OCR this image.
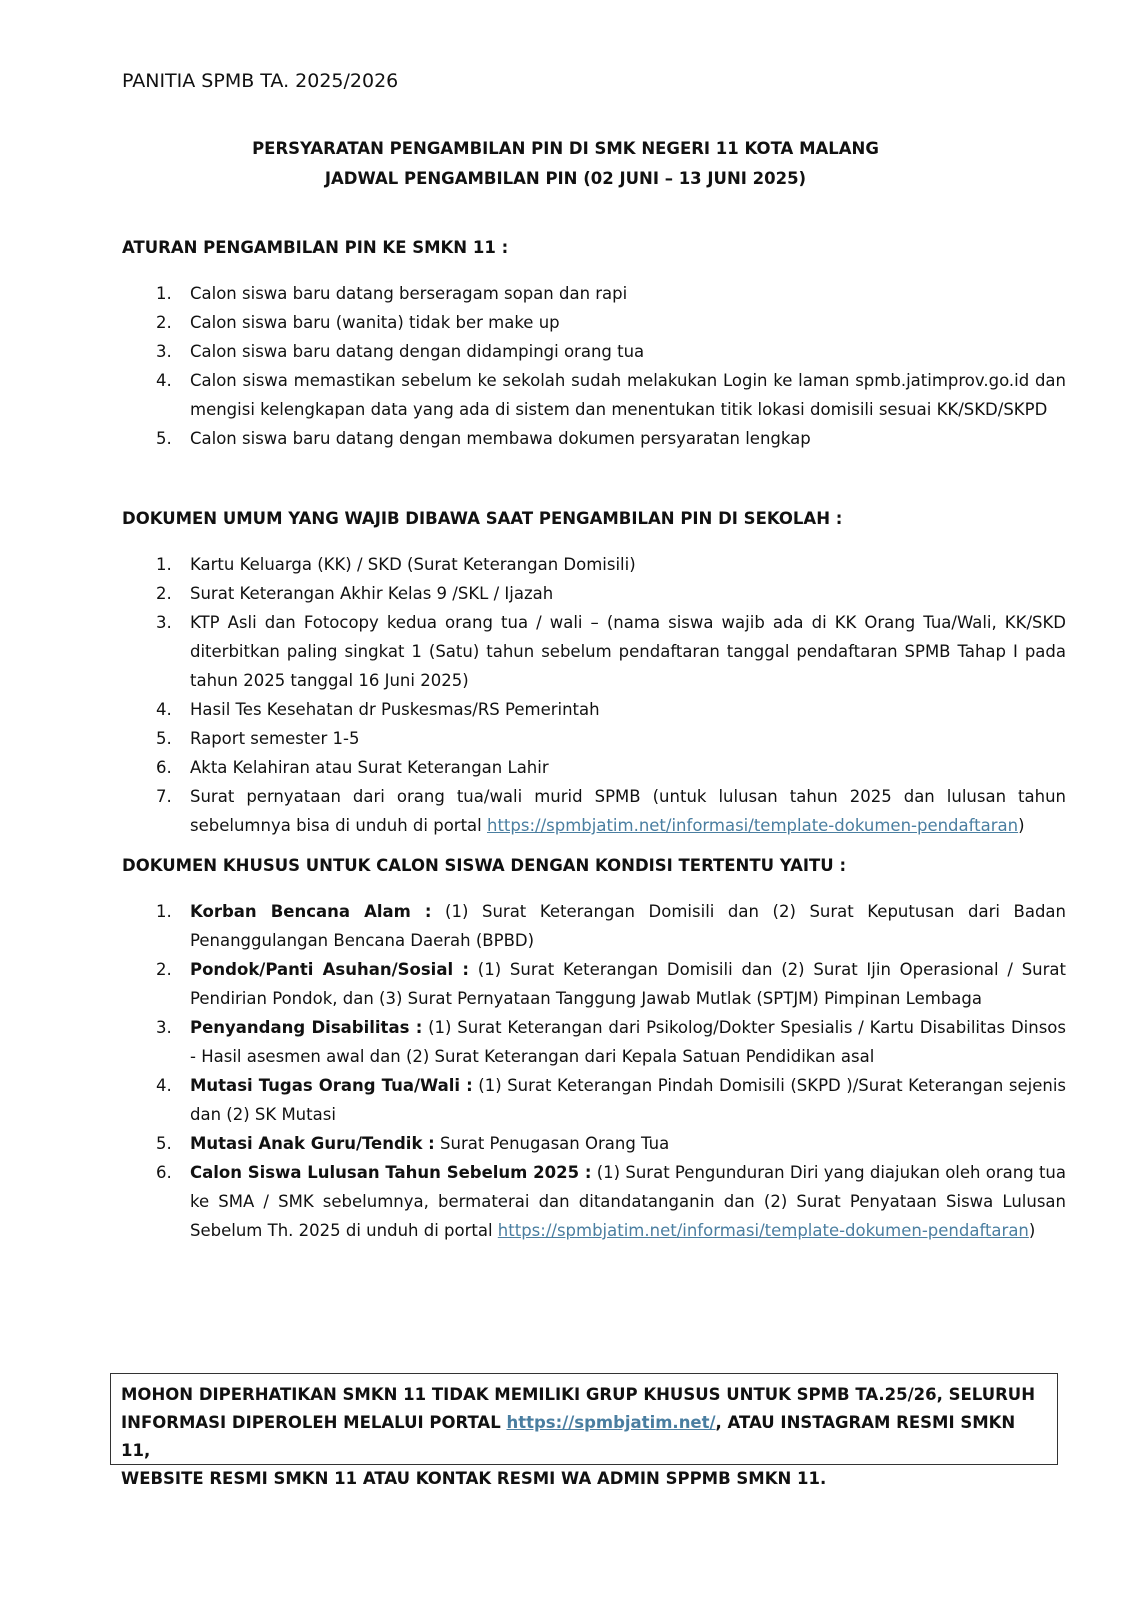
PANITIA SPMB TA. 2025/2026
PERSYARATAN PENGAMBILAN PIN DI SMK NEGERI 11 KOTA MALANG
JADWAL PENGAMBILAN PIN (02 JUNI – 13 JUNI 2025)
ATURAN PENGAMBILAN PIN KE SMKN 11 :
1. Calon siswa baru datang berseragam sopan dan rapi
2. Calon siswa baru (wanita) tidak ber make up
3. Calon siswa baru datang dengan didampingi orang tua
4. Calon siswa memastikan sebelum ke sekolah sudah melakukan Login ke laman spmb.jatimprov.go.id dan mengisi kelengkapan data yang ada di sistem dan menentukan titik lokasi domisili sesuai KK/SKD/SKPD
5. Calon siswa baru datang dengan membawa dokumen persyaratan lengkap
DOKUMEN UMUM YANG WAJIB DIBAWA SAAT PENGAMBILAN PIN DI SEKOLAH :
1. Kartu Keluarga (KK) / SKD (Surat Keterangan Domisili)
2. Surat Keterangan Akhir Kelas 9 /SKL / Ijazah
3. KTP Asli dan Fotocopy kedua orang tua / wali – (nama siswa wajib ada di KK Orang Tua/Wali, KK/SKD diterbitkan paling singkat 1 (Satu) tahun sebelum pendaftaran tanggal pendaftaran SPMB Tahap I pada tahun 2025 tanggal 16 Juni 2025)
4. Hasil Tes Kesehatan dr Puskesmas/RS Pemerintah
5. Raport semester 1-5
6. Akta Kelahiran atau Surat Keterangan Lahir
7. Surat pernyataan dari orang tua/wali murid SPMB (untuk lulusan tahun 2025 dan lulusan tahun sebelumnya bisa di unduh di portal https://spmbjatim.net/informasi/template-dokumen-pendaftaran)
DOKUMEN KHUSUS UNTUK CALON SISWA DENGAN KONDISI TERTENTU YAITU :
1. Korban Bencana Alam : (1) Surat Keterangan Domisili dan (2) Surat Keputusan dari Badan Penanggulangan Bencana Daerah (BPBD)
2. Pondok/Panti Asuhan/Sosial : (1) Surat Keterangan Domisili dan (2) Surat Ijin Operasional / Surat Pendirian Pondok, dan (3) Surat Pernyataan Tanggung Jawab Mutlak (SPTJM) Pimpinan Lembaga
3. Penyandang Disabilitas : (1) Surat Keterangan dari Psikolog/Dokter Spesialis / Kartu Disabilitas Dinsos - Hasil asesmen awal dan (2) Surat Keterangan dari Kepala Satuan Pendidikan asal
4. Mutasi Tugas Orang Tua/Wali : (1) Surat Keterangan Pindah Domisili (SKPD )/Surat Keterangan sejenis dan (2) SK Mutasi
5. Mutasi Anak Guru/Tendik : Surat Penugasan Orang Tua
6. Calon Siswa Lulusan Tahun Sebelum 2025 : (1) Surat Pengunduran Diri yang diajukan oleh orang tua ke SMA / SMK sebelumnya, bermaterai dan ditandatanganin dan (2) Surat Penyataan Siswa Lulusan Sebelum Th. 2025 di unduh di portal https://spmbjatim.net/informasi/template-dokumen-pendaftaran)

MOHON DIPERHATIKAN SMKN 11 TIDAK MEMILIKI GRUP KHUSUS UNTUK SPMB TA.25/26, SELURUH

INFORMASI DIPEROLEH MELALUI PORTAL https://spmbjatim.net/, ATAU INSTAGRAM RESMI SMKN 11,

WEBSITE RESMI SMKN 11 ATAU KONTAK RESMI WA ADMIN SPPMB SMKN 11.
